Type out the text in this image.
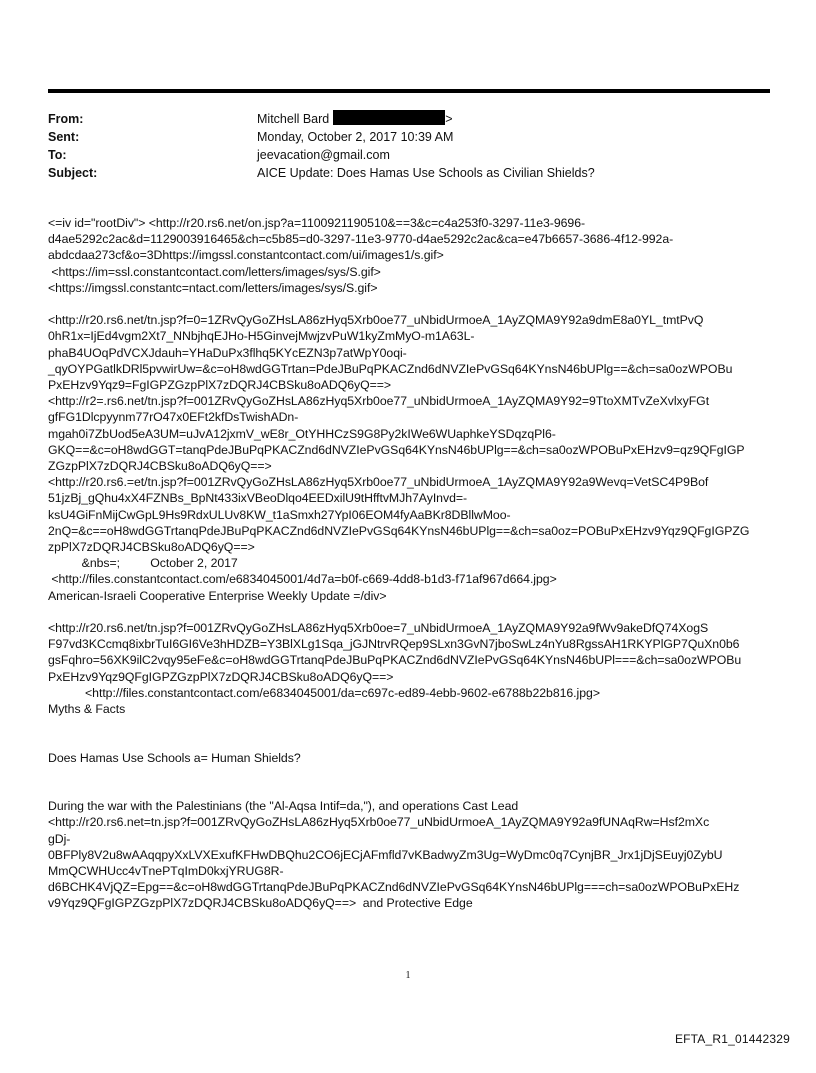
From:	Mitchell Bard	>
Sent:	Monday, October 2, 2017 10:39 AM
To:	jeevacation@gmail.com
Subject:	AICE Update: Does Hamas Use Schools as Civilian Shields?
<=iv id="rootDiv"> <http://r20.rs6.net/on.jsp?a=1100921190510&==3&c=c4a253f0-3297-11e3-9696-
d4ae5292c2ac&d=1129003916465&ch=c5b85=d0-3297-11e3-9770-d4ae5292c2ac&ca=e47b6657-3686-4f12-992a-
abdcdaa273cf&o=3Dhttps://imgssl.constantcontact.com/ui/images1/s.gif>
<https://im=ssl.constantcontact.com/letters/images/sys/S.gif>
<https://imgssl.constantc=ntact.com/letters/images/sys/S.gif>
<http://r20.rs6.net/tn.jsp?f=0=1ZRvQyGoZHsLA86zHyq5Xrb0oe77_uNbidUrmoeA_1AyZQMA9Y92a9dmE8a0YL_tmtPvQ
0hR1x=IjEd4vgm2Xt7_NNbjhqEJHo-H5GinvejMwjzvPuW1kyZmMyO-m1A63L-
phaB4UOqPdVCXJdauh=YHaDuPx3flhq5KYcEZN3p7atWpY0oqi-
_qyOYPGatlkDRl5pvwirUw=&c=oH8wdGGTrtan=PdeJBuPqPKACZnd6dNVZIePvGSq64KYnsN46bUPlg==&ch=sa0ozWPOBu
PxEHzv9Yqz9=FgIGPZGzpPlX7zDQRJ4CBSku8oADQ6yQ==>
<http://r2=.rs6.net/tn.jsp?f=001ZRvQyGoZHsLA86zHyq5Xrb0oe77_uNbidUrmoeA_1AyZQMA9Y92=9TtoXMTvZeXvlxyFGt
gfFG1Dlcpyynm77rO47x0EFt2kfDsTwishADn-
mgah0i7ZbUod5eA3UM=uJvA12jxmV_wE8r_OtYHHCzS9G8Py2kIWe6WUaphkeYSDqzqPl6-
GKQ==&c=oH8wdGGT=tanqPdeJBuPqPKACZnd6dNVZIePvGSq64KYnsN46bUPlg==&ch=sa0ozWPOBuPxEHzv9=qz9QFgIGP
ZGzpPlX7zDQRJ4CBSku8oADQ6yQ==>
<http://r20.rs6.=et/tn.jsp?f=001ZRvQyGoZHsLA86zHyq5Xrb0oe77_uNbidUrmoeA_1AyZQMA9Y92a9Wevq=VetSC4P9Bof
51jzBj_gQhu4xX4FZNBs_BpNt433ixVBeoDlqo4EEDxilU9tHfftvMJh7AyInvd=-
ksU4GiFnMijCwGpL9Hs9RdxULUv8KW_t1aSmxh27YpI06EOM4fyAaBKr8DBllwMoo-
2nQ=&c==oH8wdGGTrtanqPdeJBuPqPKACZnd6dNVZIePvGSq64KYnsN46bUPlg==&ch=sa0oz=POBuPxEHzv9Yqz9QFgIGPZG
zpPlX7zDQRJ4CBSku8oADQ6yQ==>
&nbs=;         October 2, 2017
<http://files.constantcontact.com/e6834045001/4d7a=b0f-c669-4dd8-b1d3-f71af967d664.jpg>
American-Israeli Cooperative Enterprise Weekly Update =/div>
<http://r20.rs6.net/tn.jsp?f=001ZRvQyGoZHsLA86zHyq5Xrb0oe=7_uNbidUrmoeA_1AyZQMA9Y92a9fWv9akeDfQ74XogS
F97vd3KCcmq8ixbrTuI6GI6Ve3hHDZB=Y3BlXLg1Sqa_jGJNtrvRQep9SLxn3GvN7jboSwLz4nYu8RgssAH1RKYPlGP7QuXn0b6
gsFqhro=56XK9ilC2vqy95eFe&c=oH8wdGGTrtanqPdeJBuPqPKACZnd6dNVZIePvGSq64KYnsN46bUPl===&ch=sa0ozWPOBu
PxEHzv9Yqz9QFgIGPZGzpPlX7zDQRJ4CBSku8oADQ6yQ==>
<http://files.constantcontact.com/e6834045001/da=c697c-ed89-4ebb-9602-e6788b22b816.jpg>
Myths & Facts
Does Hamas Use Schools a= Human Shields?
During the war with the Palestinians (the "Al-Aqsa Intif=da,"), and operations Cast Lead
<http://r20.rs6.net=tn.jsp?f=001ZRvQyGoZHsLA86zHyq5Xrb0oe77_uNbidUrmoeA_1AyZQMA9Y92a9fUNAqRw=Hsf2mXc
gDj-
0BFPly8V2u8wAAqqpyXxLVXExufKFHwDBQhu2CO6jECjAFmfld7vKBadwyZm3Ug=WyDmc0q7CynjBR_Jrx1jDjSEuyj0ZybU
MmQCWHUcc4vTnePTqImD0kxjYRUG8R-
d6BCHK4VjQZ=Epg==&c=oH8wdGGTrtanqPdeJBuPqPKACZnd6dNVZIePvGSq64KYnsN46bUPlg===ch=sa0ozWPOBuPxEHz
v9Yqz9QFgIGPZGzpPlX7zDQRJ4CBSku8oADQ6yQ==>  and Protective Edge
1
EFTA_R1_01442329
